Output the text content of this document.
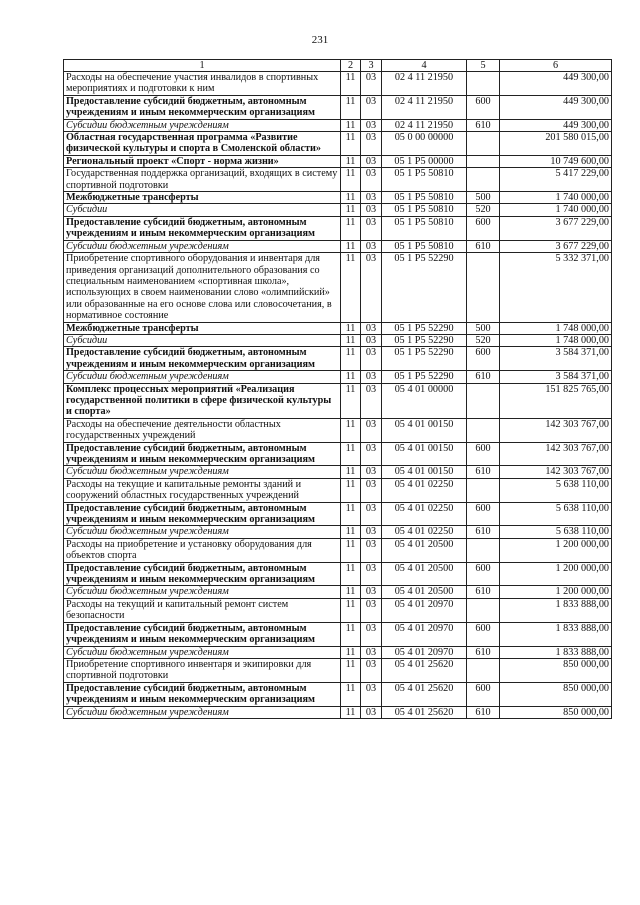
231
1	2	3	4	5	6
Расходы на обеспечение участия инвалидов в спортивных мероприятиях и подготовки к ним	11	03	02 4 11 21950		449 300,00
Предоставление субсидий бюджетным, автономным учреждениям и иным некоммерческим организациям	11	03	02 4 11 21950	600	449 300,00
Субсидии бюджетным учреждениям	11	03	02 4 11 21950	610	449 300,00
Областная государственная программа «Развитие физической культуры и спорта в Смоленской области»	11	03	05 0 00 00000		201 580 015,00
Региональный проект «Спорт - норма жизни»	11	03	05 1 P5 00000		10 749 600,00
Государственная поддержка организаций, входящих в систему спортивной подготовки	11	03	05 1 P5 50810		5 417 229,00
Межбюджетные трансферты	11	03	05 1 P5 50810	500	1 740 000,00
Субсидии	11	03	05 1 P5 50810	520	1 740 000,00
Предоставление субсидий бюджетным, автономным учреждениям и иным некоммерческим организациям	11	03	05 1 P5 50810	600	3 677 229,00
Субсидии бюджетным учреждениям	11	03	05 1 P5 50810	610	3 677 229,00
Приобретение спортивного оборудования и инвентаря для приведения организаций дополнительного образования со специальным наименованием «спортивная школа», использующих в своем наименовании слово «олимпийский» или образованные на его основе слова или словосочетания, в нормативное состояние	11	03	05 1 P5 52290		5 332 371,00
Межбюджетные трансферты	11	03	05 1 P5 52290	500	1 748 000,00
Субсидии	11	03	05 1 P5 52290	520	1 748 000,00
Предоставление субсидий бюджетным, автономным учреждениям и иным некоммерческим организациям	11	03	05 1 P5 52290	600	3 584 371,00
Субсидии бюджетным учреждениям	11	03	05 1 P5 52290	610	3 584 371,00
Комплекс процессных мероприятий «Реализация государственной политики в сфере физической культуры и спорта»	11	03	05 4 01 00000		151 825 765,00
Расходы на обеспечение деятельности областных государственных учреждений	11	03	05 4 01 00150		142 303 767,00
Предоставление субсидий бюджетным, автономным учреждениям и иным некоммерческим организациям	11	03	05 4 01 00150	600	142 303 767,00
Субсидии бюджетным учреждениям	11	03	05 4 01 00150	610	142 303 767,00
Расходы на текущие и капитальные ремонты зданий и сооружений областных государственных учреждений	11	03	05 4 01 02250		5 638 110,00
Предоставление субсидий бюджетным, автономным учреждениям и иным некоммерческим организациям	11	03	05 4 01 02250	600	5 638 110,00
Субсидии бюджетным учреждениям	11	03	05 4 01 02250	610	5 638 110,00
Расходы на приобретение и установку оборудования для объектов спорта	11	03	05 4 01 20500		1 200 000,00
Предоставление субсидий бюджетным, автономным учреждениям и иным некоммерческим организациям	11	03	05 4 01 20500	600	1 200 000,00
Субсидии бюджетным учреждениям	11	03	05 4 01 20500	610	1 200 000,00
Расходы на текущий и капитальный ремонт систем безопасности	11	03	05 4 01 20970		1 833 888,00
Предоставление субсидий бюджетным, автономным учреждениям и иным некоммерческим организациям	11	03	05 4 01 20970	600	1 833 888,00
Субсидии бюджетным учреждениям	11	03	05 4 01 20970	610	1 833 888,00
Приобретение спортивного инвентаря и экипировки для спортивной подготовки	11	03	05 4 01 25620		850 000,00
Предоставление субсидий бюджетным, автономным учреждениям и иным некоммерческим организациям	11	03	05 4 01 25620	600	850 000,00
Субсидии бюджетным учреждениям	11	03	05 4 01 25620	610	850 000,00
